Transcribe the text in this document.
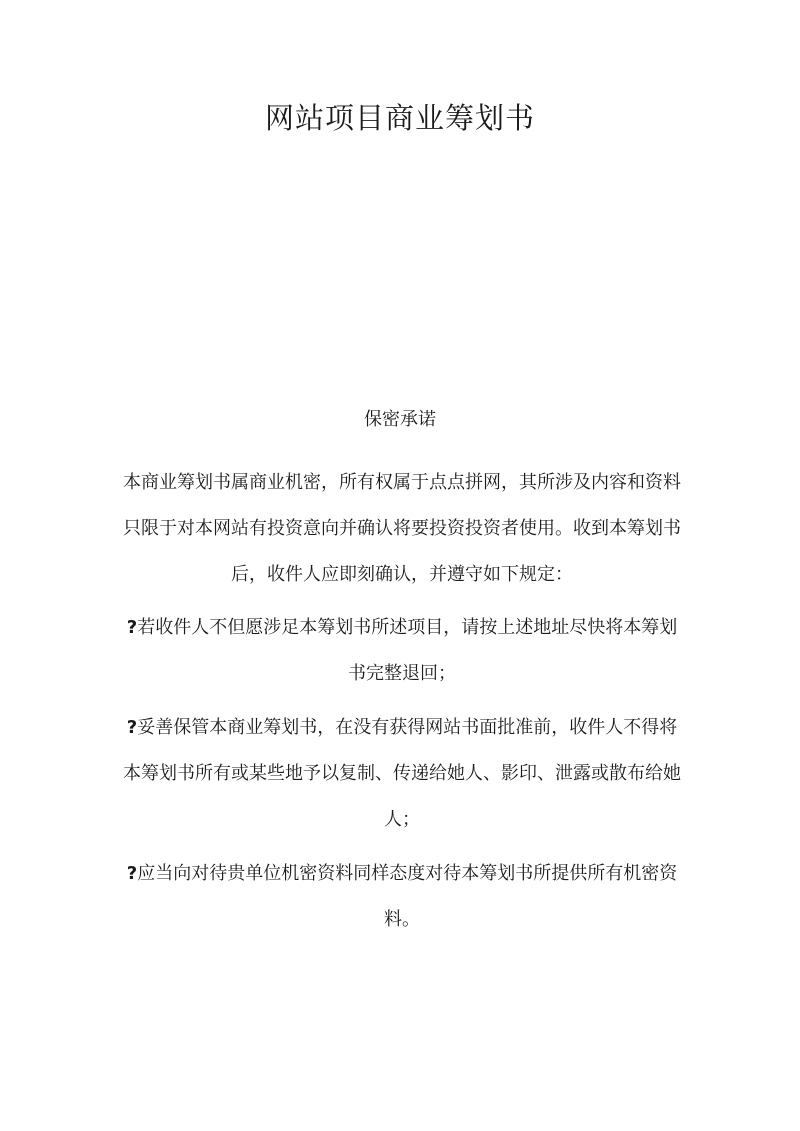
网站项目商业筹划书
保密承诺

本商业筹划书属商业机密，所有权属于点点拼网，其所涉及内容和资料只限于对本网站有投资意向并确认将要投资投资者使用。收到本筹划书后，收件人应即刻确认，并遵守如下规定：

?若收件人不但愿涉足本筹划书所述项目，请按上述地址尽快将本筹划书完整退回；

?妥善保管本商业筹划书，在没有获得网站书面批准前，收件人不得将本筹划书所有或某些地予以复制、传递给她人、影印、泄露或散布给她人；

?应当向对待贵单位机密资料同样态度对待本筹划书所提供所有机密资料。
